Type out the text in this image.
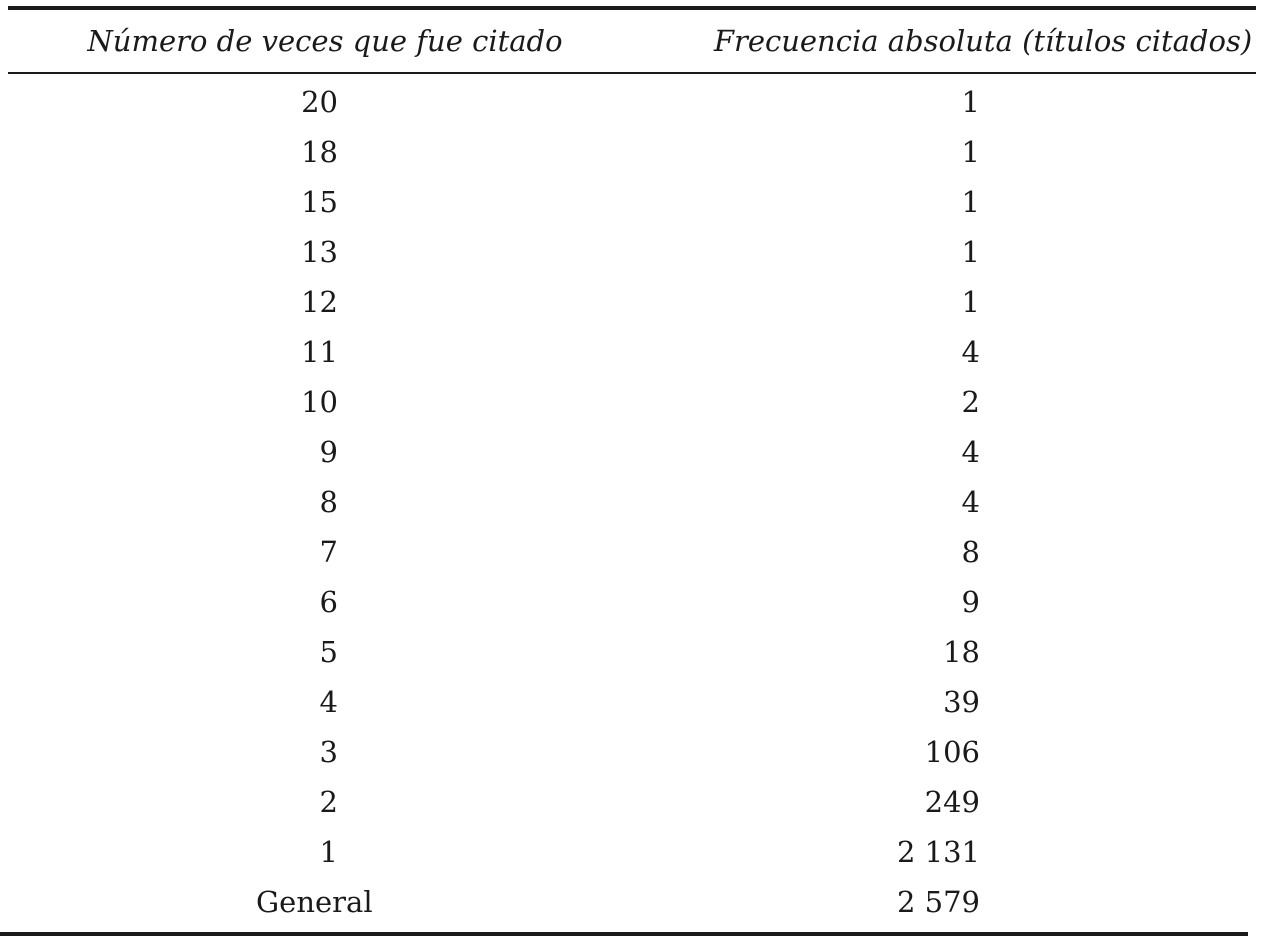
Número de veces que fue citado	Frecuencia absoluta (títulos citados)
20	1
18	1
15	1
13	1
12	1
11	4
10	2
9	4
8	4
7	8
6	9
5	18
4	39
3	106
2	249
1	2 131
General	2 579
